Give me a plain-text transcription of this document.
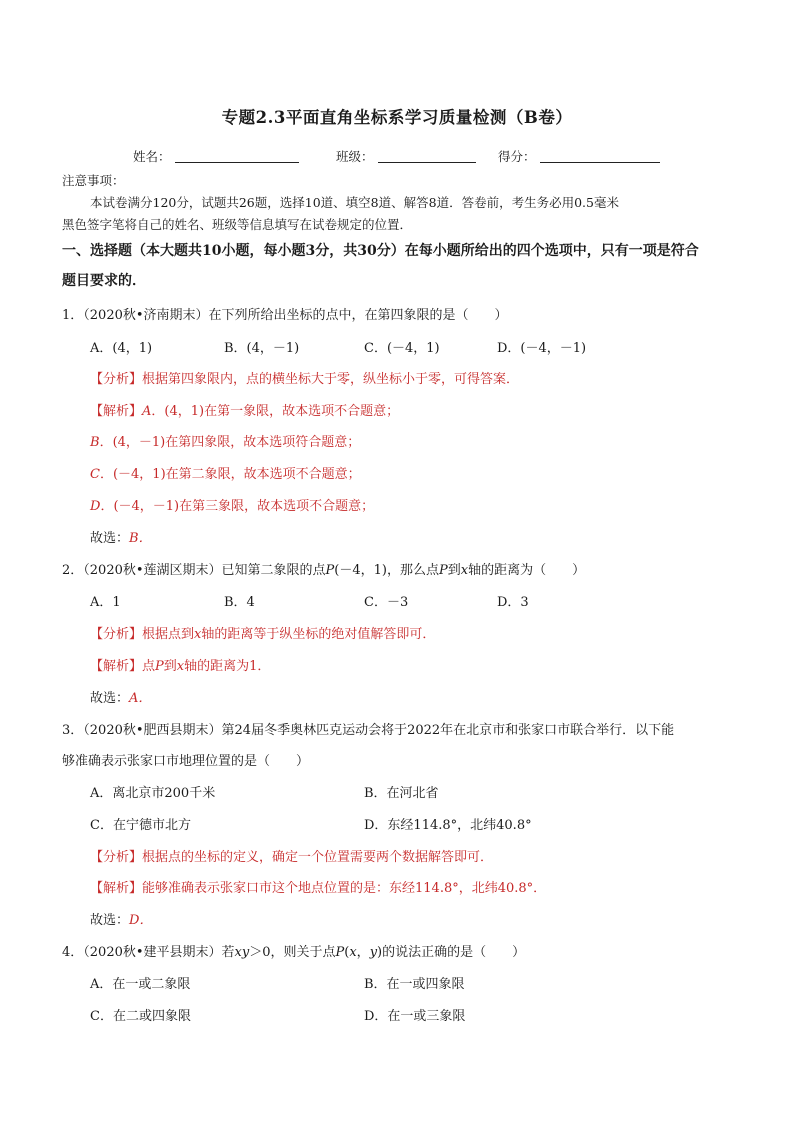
专题2.3平面直角坐标系学习质量检测（B卷）
姓名：	班级：	得分：
注意事项：
本试卷满分120分，试题共26题，选择10道、填空8道、解答8道．答卷前，考生务必用0.5毫米
黑色签字笔将自己的姓名、班级等信息填写在试卷规定的位置．
一、选择题（本大题共10小题，每小题3分，共30分）在每小题所给出的四个选项中，只有一项是符合
题目要求的．
1．（2020秋•济南期末）在下列所给出坐标的点中，在第四象限的是（　　）
A．(4，1)	B．(4，－1)	C．(－4，1)	D．(－4，－1)
【分析】根据第四象限内，点的横坐标大于零，纵坐标小于零，可得答案．
【解析】A．(4，1)在第一象限，故本选项不合题意；
B．(4，－1)在第四象限，故本选项符合题意；
C．(－4，1)在第二象限，故本选项不合题意；
D．(－4，－1)在第三象限，故本选项不合题意；
故选：B．
2．（2020秋•莲湖区期末）已知第二象限的点P(－4，1)，那么点P到x轴的距离为（　　）
A．1	B．4	C．－3	D．3
【分析】根据点到x轴的距离等于纵坐标的绝对值解答即可．
【解析】点P到x轴的距离为1．
故选：A．
3．（2020秋•肥西县期末）第24届冬季奥林匹克运动会将于2022年在北京市和张家口市联合举行．以下能
够准确表示张家口市地理位置的是（　　）
A．离北京市200千米	B．在河北省
C．在宁德市北方	D．东经114.8°，北纬40.8°
【分析】根据点的坐标的定义，确定一个位置需要两个数据解答即可．
【解析】能够准确表示张家口市这个地点位置的是：东经114.8°，北纬40.8°．
故选：D．
4．（2020秋•建平县期末）若xy＞0，则关于点P(x，y)的说法正确的是（　　）
A．在一或二象限	B．在一或四象限
C．在二或四象限	D．在一或三象限
